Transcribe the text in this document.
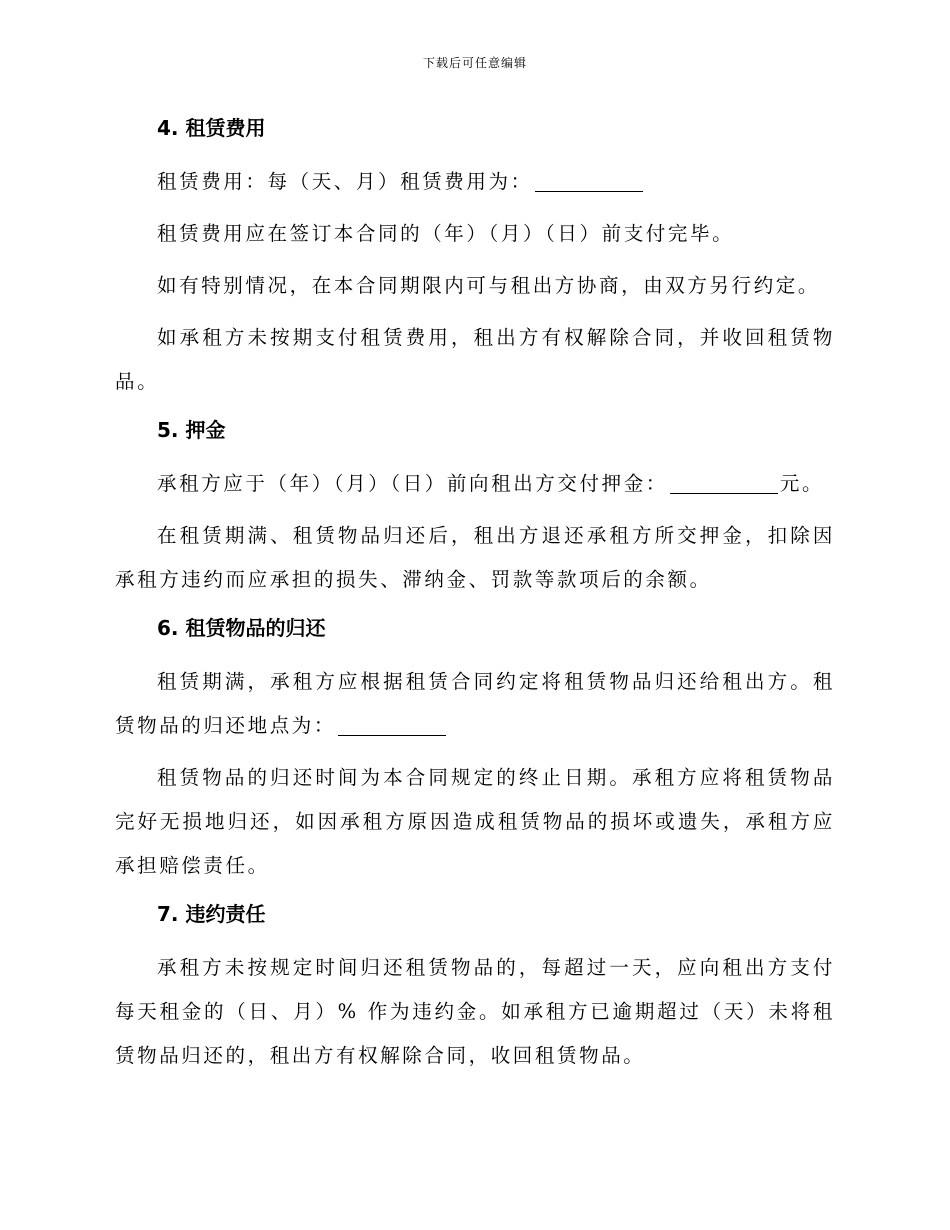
下载后可任意编辑
4. 租赁费用

租赁费用：每（天、月）租赁费用为：

租赁费用应在签订本合同的（年）（月）（日）前支付完毕。

如有特别情况，在本合同期限内可与租出方协商，由双方另行约定。

如承租方未按期支付租赁费用，租出方有权解除合同，并收回租赁物品。

5. 押金

承租方应于（年）（月）（日）前向租出方交付押金：	元。

在租赁期满、租赁物品归还后，租出方退还承租方所交押金，扣除因承租方违约而应承担的损失、滞纳金、罚款等款项后的余额。

6. 租赁物品的归还

租赁期满，承租方应根据租赁合同约定将租赁物品归还给租出方。租赁物品的归还地点为：

租赁物品的归还时间为本合同规定的终止日期。承租方应将租赁物品完好无损地归还，如因承租方原因造成租赁物品的损坏或遗失，承租方应承担赔偿责任。

7. 违约责任

承租方未按规定时间归还租赁物品的，每超过一天，应向租出方支付每天租金的（日、月）% 作为违约金。如承租方已逾期超过（天）未将租赁物品归还的，租出方有权解除合同，收回租赁物品。
